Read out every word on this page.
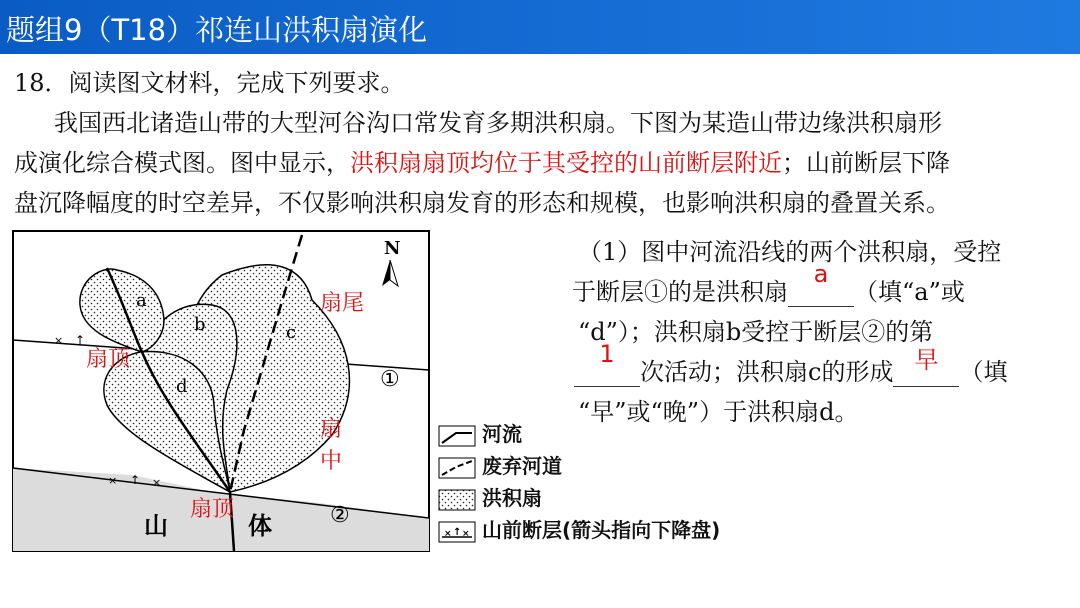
题组9（T18）祁连山洪积扇演化
18．阅读图文材料，完成下列要求。
我国西北诸造山带的大型河谷沟口常发育多期洪积扇。下图为某造山带边缘洪积扇形
成演化综合模式图。图中显示，洪积扇扇顶均位于其受控的山前断层附近；山前断层下降
盘沉降幅度的时空差异，不仅影响洪积扇发育的形态和规模，也影响洪积扇的叠置关系。
× ↑
× ↑ ×
N
a
b	c
d
扇顶
扇顶
扇尾
扇
中
①
②
山	体
河流
废弃河道
洪积扇
× ↑ × 山前断层(箭头指向下降盘)
（1）图中河流沿线的两个洪积扇，受控
于断层①的是洪积扇
a
（填“a”或
“d”）；洪积扇b受控于断层②的第
1
次活动；洪积扇c的形成 早 （填
“早”或“晚”）于洪积扇d。
